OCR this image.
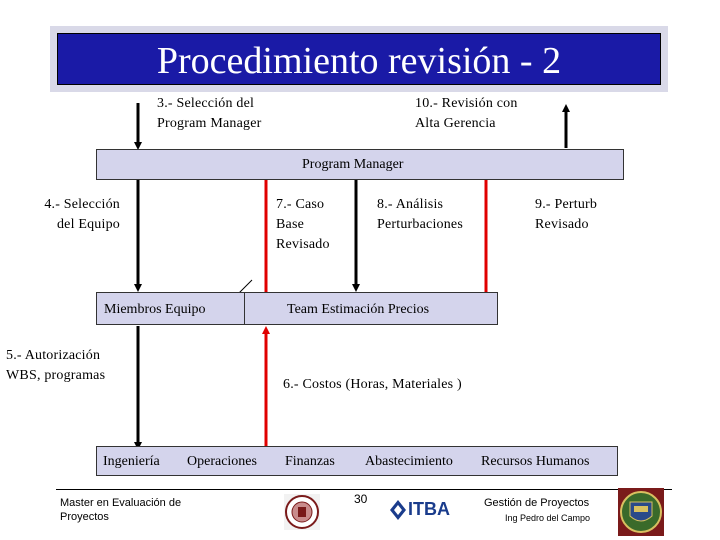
Procedimiento revisión - 2
3.- Selección del
Program Manager
10.- Revisión con
Alta Gerencia
4.- Selección
del Equipo
7.- Caso
Base
Revisado
8.- Análisis
Perturbaciones
9.- Perturb
Revisado
5.- Autorización
WBS, programas
6.- Costos (Horas, Materiales )
Program Manager
Miembros Equipo	Team Estimación Precios
Ingeniería Operaciones Finanzas Abastecimiento Recursos Humanos
Master en Evaluación de
Proyectos
30 ITBA	Gestión de Proyectos
Ing Pedro del Campo
